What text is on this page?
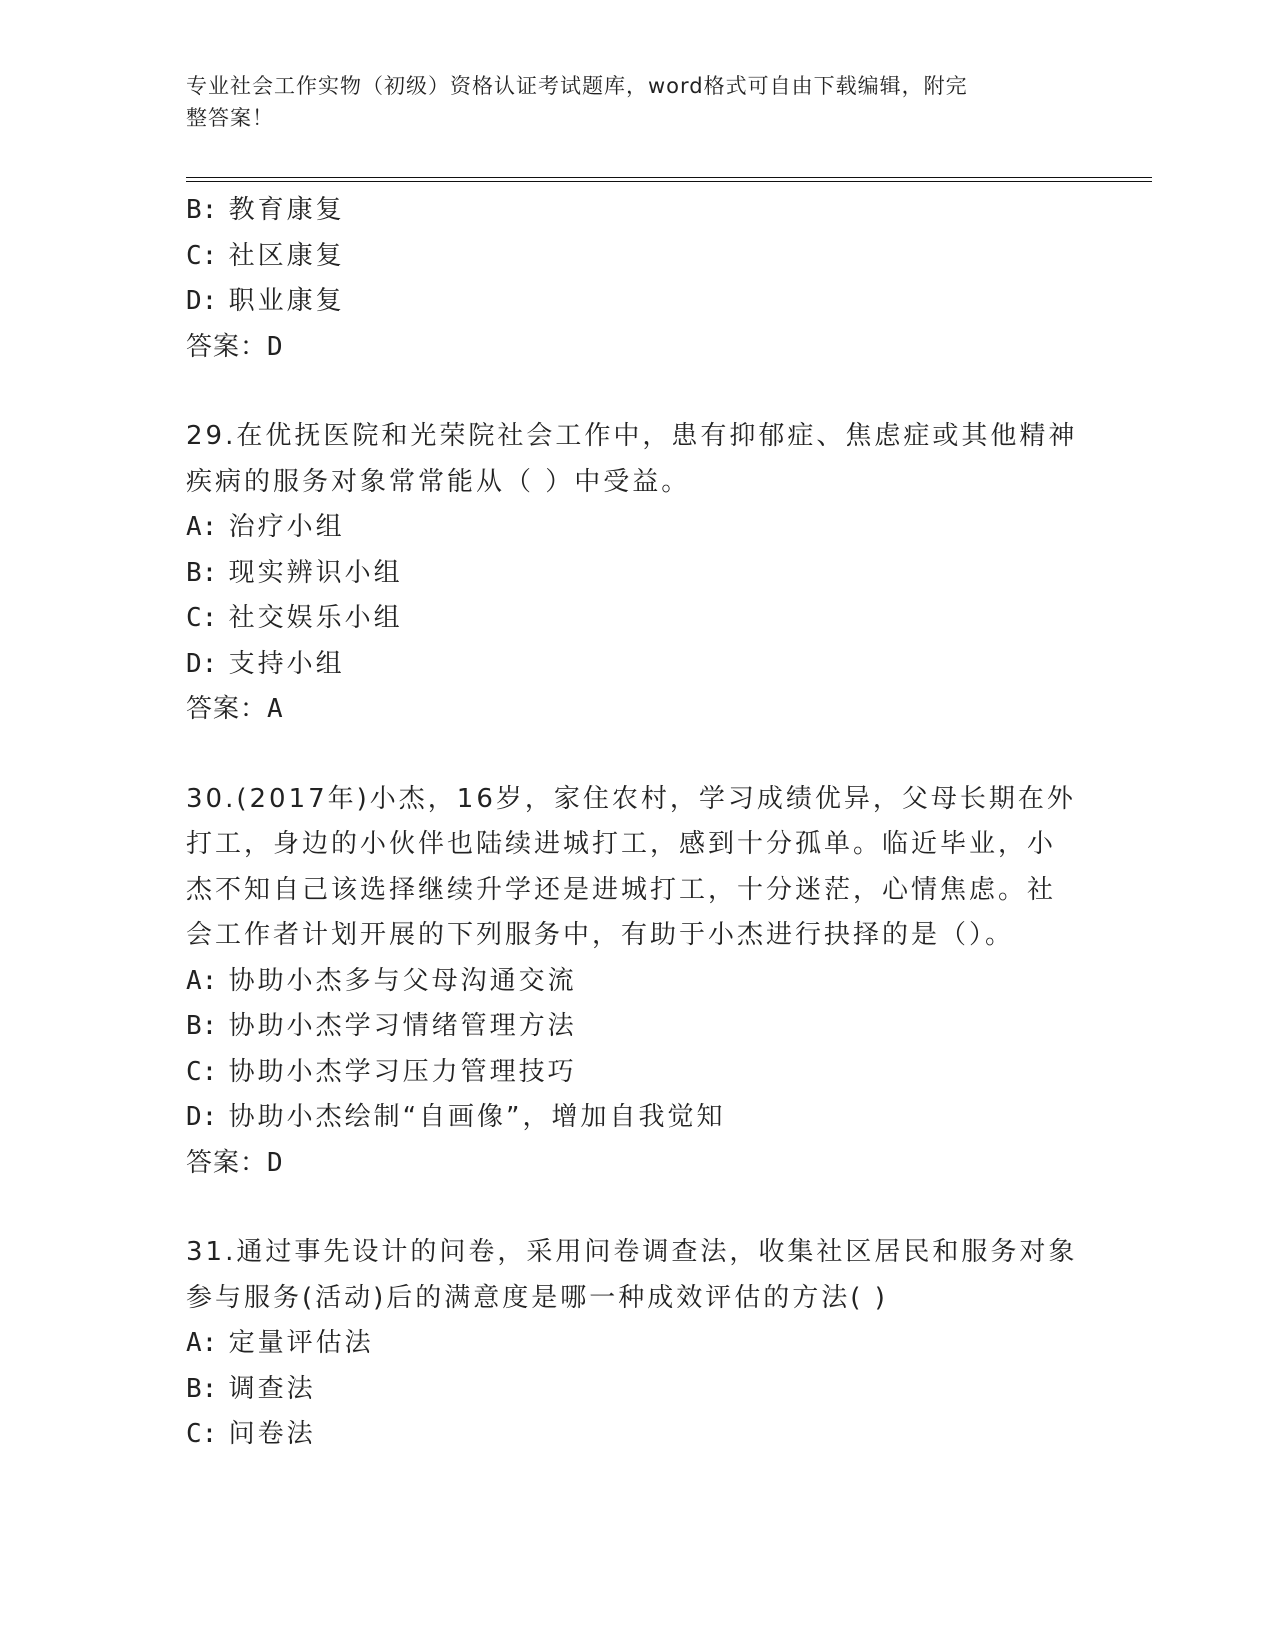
专业社会工作实物（初级）资格认证考试题库，word格式可自由下载编辑，附完
整答案！
B: 教育康复
C: 社区康复
D: 职业康复
答案：D
29.在优抚医院和光荣院社会工作中，患有抑郁症、焦虑症或其他精神
疾病的服务对象常常能从（ ）中受益。
A: 治疗小组
B: 现实辨识小组
C: 社交娱乐小组
D: 支持小组
答案：A
30.(2017年)小杰，16岁，家住农村，学习成绩优异，父母长期在外
打工，身边的小伙伴也陆续进城打工，感到十分孤单。临近毕业，小
杰不知自己该选择继续升学还是进城打工，十分迷茫，心情焦虑。社
会工作者计划开展的下列服务中，有助于小杰进行抉择的是（）。
A: 协助小杰多与父母沟通交流
B: 协助小杰学习情绪管理方法
C: 协助小杰学习压力管理技巧
D: 协助小杰绘制“自画像”，增加自我觉知
答案：D
31.通过事先设计的问卷，采用问卷调查法，收集社区居民和服务对象
参与服务(活动)后的满意度是哪一种成效评估的方法( )
A: 定量评估法
B: 调查法
C: 问卷法
